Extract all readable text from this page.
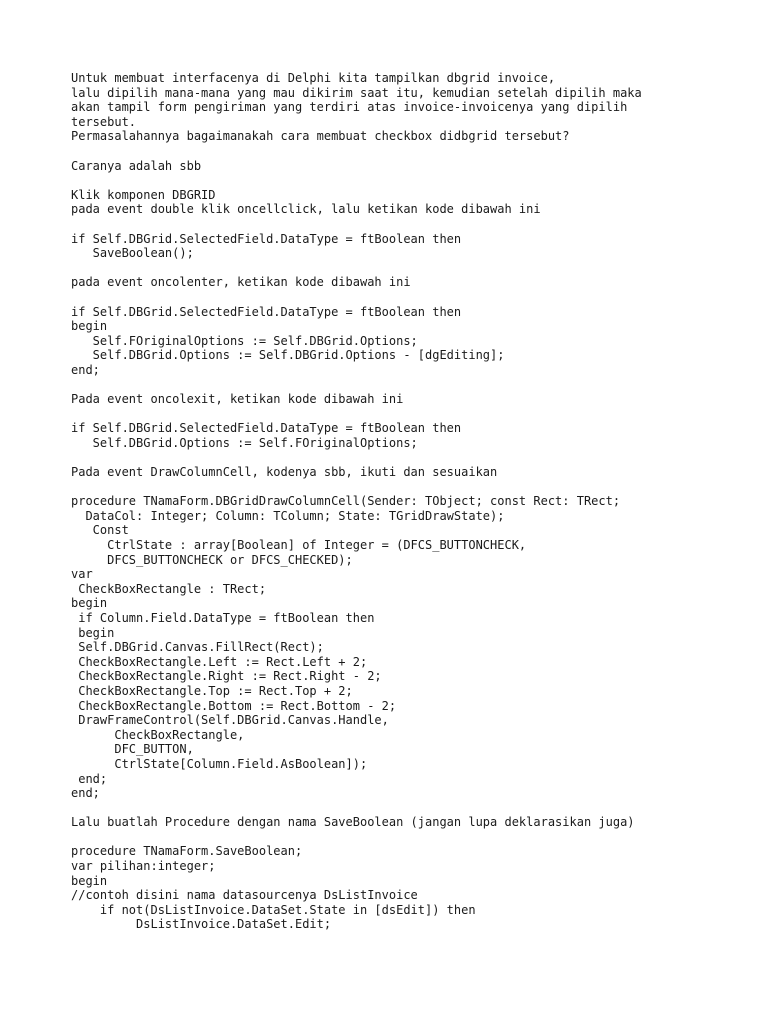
Untuk membuat interfacenya di Delphi kita tampilkan dbgrid invoice,
lalu dipilih mana-mana yang mau dikirim saat itu, kemudian setelah dipilih maka
akan tampil form pengiriman yang terdiri atas invoice-invoicenya yang dipilih
tersebut.
Permasalahannya bagaimanakah cara membuat checkbox didbgrid tersebut?
Caranya adalah sbb
Klik komponen DBGRID
pada event double klik oncellclick, lalu ketikan kode dibawah ini
if Self.DBGrid.SelectedField.DataType = ftBoolean then
SaveBoolean();
pada event oncolenter, ketikan kode dibawah ini
if Self.DBGrid.SelectedField.DataType = ftBoolean then
begin
Self.FOriginalOptions := Self.DBGrid.Options;
Self.DBGrid.Options := Self.DBGrid.Options - [dgEditing];
end;
Pada event oncolexit, ketikan kode dibawah ini
if Self.DBGrid.SelectedField.DataType = ftBoolean then
Self.DBGrid.Options := Self.FOriginalOptions;
Pada event DrawColumnCell, kodenya sbb, ikuti dan sesuaikan
procedure TNamaForm.DBGridDrawColumnCell(Sender: TObject; const Rect: TRect;
DataCol: Integer; Column: TColumn; State: TGridDrawState);
Const
CtrlState : array[Boolean] of Integer = (DFCS_BUTTONCHECK,
DFCS_BUTTONCHECK or DFCS_CHECKED);
var
CheckBoxRectangle : TRect;
begin
if Column.Field.DataType = ftBoolean then
begin
Self.DBGrid.Canvas.FillRect(Rect);
CheckBoxRectangle.Left := Rect.Left + 2;
CheckBoxRectangle.Right := Rect.Right - 2;
CheckBoxRectangle.Top := Rect.Top + 2;
CheckBoxRectangle.Bottom := Rect.Bottom - 2;
DrawFrameControl(Self.DBGrid.Canvas.Handle,
CheckBoxRectangle,
DFC_BUTTON,
CtrlState[Column.Field.AsBoolean]);
end;
end;
Lalu buatlah Procedure dengan nama SaveBoolean (jangan lupa deklarasikan juga)
procedure TNamaForm.SaveBoolean;
var pilihan:integer;
begin
//contoh disini nama datasourcenya DsListInvoice
if not(DsListInvoice.DataSet.State in [dsEdit]) then
DsListInvoice.DataSet.Edit;
